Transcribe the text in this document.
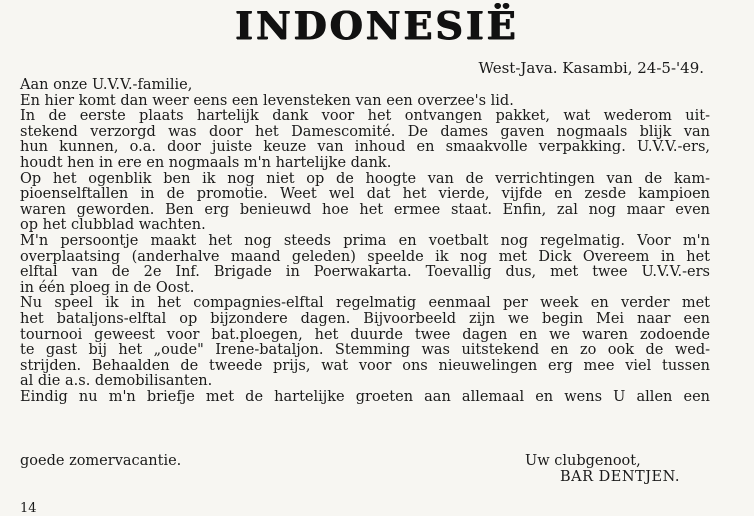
INDONESIË
West-Java. Kasambi, 24-5-'49.
Aan onze U.V.V.-familie,
En hier komt dan weer eens een levensteken van een overzee's lid.
In de eerste plaats hartelijk dank voor het ontvangen pakket, wat wederom uit-
stekend verzorgd was door het Damescomité. De dames gaven nogmaals blijk van
hun kunnen, o.a. door juiste keuze van inhoud en smaakvolle verpakking. U.V.V.-ers,
houdt hen in ere en nogmaals m'n hartelijke dank.
Op het ogenblik ben ik nog niet op de hoogte van de verrichtingen van de kam-
pioenselftallen in de promotie. Weet wel dat het vierde, vijfde en zesde kampioen
waren geworden. Ben erg benieuwd hoe het ermee staat. Enfin, zal nog maar even
op het clubblad wachten.
M'n persoontje maakt het nog steeds prima en voetbalt nog regelmatig. Voor m'n
overplaatsing (anderhalve maand geleden) speelde ik nog met Dick Overeem in het
elftal van de 2e Inf. Brigade in Poerwakarta. Toevallig dus, met twee U.V.V.-ers
in één ploeg in de Oost.
Nu speel ik in het compagnies-elftal regelmatig eenmaal per week en verder met
het bataljons-elftal op bijzondere dagen. Bijvoorbeeld zijn we begin Mei naar een
tournooi geweest voor bat.ploegen, het duurde twee dagen en we waren zodoende
te gast bij het „oude" Irene-bataljon. Stemming was uitstekend en zo ook de wed-
strijden. Behaalden de tweede prijs, wat voor ons nieuwelingen erg mee viel tussen
al die a.s. demobilisanten.
Eindig nu m'n briefje met de hartelijke groeten aan allemaal en wens U allen een
goede zomervacantie.	Uw clubgenoot,
BAR DENTJEN.
14
